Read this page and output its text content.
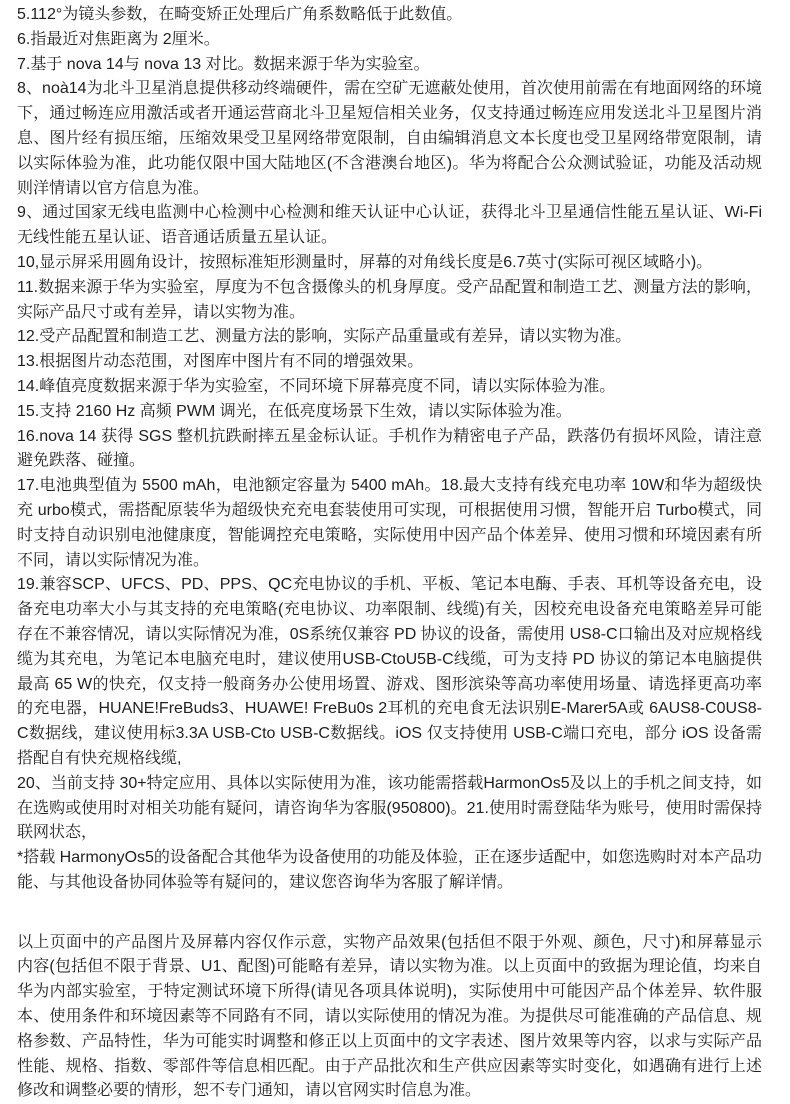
5.112°为镜头参数，在畸变矫正处理后广角系数略低于此数值。

6.指最近对焦距离为 2厘米。

7.基于 nova 14与 nova 13 对比。数据来源于华为实验室。

8、noà14为北斗卫星消息提供移动终端硬件，需在空矿无遮蔽处使用，首次使用前需在有地面网络的环境下，通过畅连应用激活或者开通运营商北斗卫星短信相关业务，仅支持通过畅连应用发送北斗卫星图片消息、图片经有损压缩，压缩效果受卫星网络带宽限制，自由编辑消息文本长度也受卫星网络带宽限制，请以实际体验为准，此功能仅限中国大陆地区(不含港澳台地区)。华为将配合公众测试验证，功能及活动规则洋情请以官方信息为准。

9、通过国家无线电监测中心检测中心检测和维天认证中心认证，获得北斗卫星通信性能五星认证、Wi-Fi无线性能五星认证、语音通话质量五星认证。

10,显示屏采用圆角设计，按照标准矩形测量时，屏幕的对角线长度是6.7英寸(实际可视区域略小)。

11.数据来源于华为实验室，厚度为不包含摄像头的机身厚度。受产品配置和制造工艺、测量方法的影响，实际产品尺寸或有差异，请以实物为准。

12.受产品配置和制造工艺、测量方法的影响，实际产品重量或有差异，请以实物为准。

13.根据图片动态范围，对图库中图片有不同的增强效果。

14.峰值亮度数据来源于华为实验室，不同环境下屏幕亮度不同，请以实际体验为准。

15.支持 2160 Hz 高频 PWM 调光，在低亮度场景下生效，请以实际体验为准。

16.nova 14 获得 SGS 整机抗跌耐摔五星金标认证。手机作为精密电子产品，跌落仍有损坏风险，请注意避免跌落、碰撞。

17.电池典型值为 5500 mAh，电池额定容量为 5400 mAh。18.最大支持有线充电功率 10W和华为超级快充 urbo模式，需搭配原装华为超级快充充电套装使用可实现，可根据使用习惯，智能开启 Turbo模式，同时支持自动识别电池健康度，智能调控充电策略，实际使用中因产品个体差异、使用习惯和环境因素有所不同，请以实际情况为准。

19.兼容SCP、UFCS、PD、PPS、QC充电协议的手机、平板、笔记本电酶、手表、耳机等设备充电，设备充电功率大小与其支持的充电策略(充电协议、功率限制、线缆)有关，因校充电设备充电策略差异可能存在不兼容情况，请以实际情况为准，0S系统仅兼容 PD 协议的设备，需使用 US8-C口输出及对应规格线缆为其充电，为笔记本电脑充电时，建议使用USB-CtoU5B-C线缆，可为支持 PD 协议的第记本电脑提供最高 65 W的快充，仅支持一般商务办公使用场置、游戏、图形滨染等高功率使用场量、请选择更高功率的充电器，HUANE!FreBuds3、HUAWE! FreBu0s 2耳机的充电食无法识别E-Marer5A或 6AUS8-C0US8-C数据线，建议使用标3.3A USB-Cto USB-C数据线。iOS 仅支持使用 USB-C端口充电，部分 iOS 设备需搭配自有快充规格线缆,

20、当前支持 30+特定应用、具体以实际使用为准，该功能需搭载HarmonOs5及以上的手机之间支持，如在选购或使用时对相关功能有疑问，请咨询华为客服(950800)。21.使用时需登陆华为账号，使用时需保持联网状态，

*搭载 HarmonyOs5的设备配合其他华为设备使用的功能及体验，正在逐步适配中，如您选购时对本产品功能、与其他设备协同体验等有疑问的，建议您咨询华为客服了解详情。

以上页面中的产品图片及屏幕内容仅作示意，实物产品效果(包括但不限于外观、颜色，尺寸)和屏幕显示内容(包括但不限于背景、U1、配图)可能略有差异，请以实物为准。以上页面中的致据为理论值，均来自华为内部实验室，于特定测试环境下所得(请见各项具体说明)，实际使用中可能因产品个体差异、软件服本、使用条件和环境因素等不同路有不同，请以实际使用的情况为准。为提供尽可能准确的产品信息、规格参数、产品特性，华为可能实时调整和修正以上页面中的文字表述、图片效果等内容，以求与实际产品性能、规格、指数、零部件等信息相匹配。由于产品批次和生产供应因素等实时变化，如遇确有进行上述修改和调整必要的情形，恕不专门通知，请以官网实时信息为准。
